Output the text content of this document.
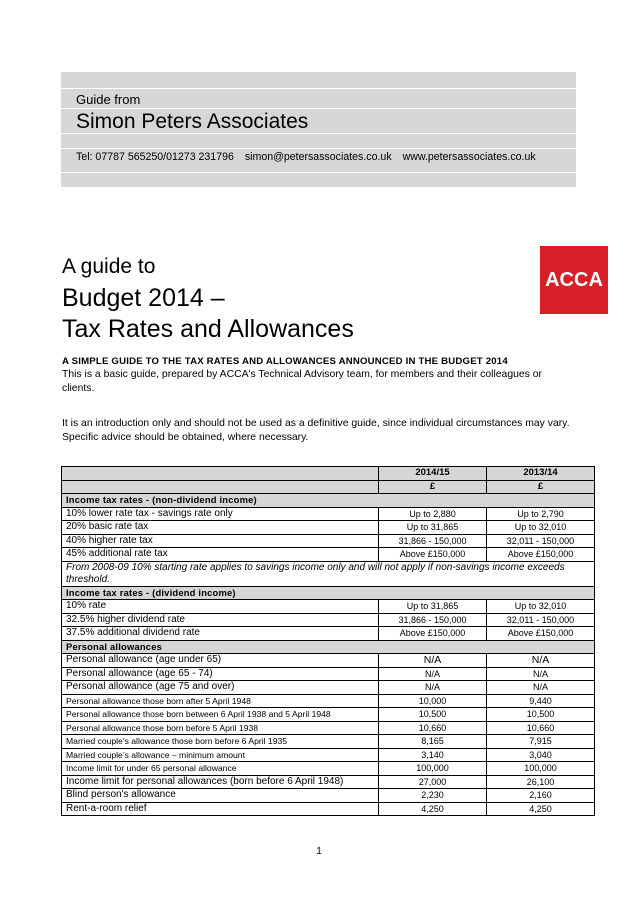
Guide from
Simon Peters Associates
Tel: 07787 565250/01273 231796 simon@petersassociates.co.uk www.petersassociates.co.uk
A guide to
Budget 2014 –
Tax Rates and Allowances
ACCA
A SIMPLE GUIDE TO THE TAX RATES AND ALLOWANCES ANNOUNCED IN THE BUDGET 2014
This is a basic guide, prepared by ACCA's Technical Advisory team, for members and their colleagues or clients.
It is an introduction only and should not be used as a definitive guide, since individual circumstances may vary. Specific advice should be obtained, where necessary.
	2014/15	2013/14
	£	£
Income tax rates - (non-dividend income)		
10% lower rate tax - savings rate only	Up to 2,880	Up to 2,790
20% basic rate tax	Up to 31,865	Up to 32,010
40% higher rate tax	31,866 - 150,000	32,011 - 150,000
45% additional rate tax	Above £150,000	Above £150,000
From 2008-09 10% starting rate applies to savings income only and will not apply if non-savings income exceeds threshold.		
Income tax rates - (dividend income)		
10% rate	Up to 31,865	Up to 32,010
32.5% higher dividend rate	31,866 - 150,000	32,011 - 150,000
37.5% additional dividend rate	Above £150,000	Above £150,000
Personal allowances		
Personal allowance (age under 65)	N/A	N/A
Personal allowance (age 65 - 74)	N/A	N/A
Personal allowance (age 75 and over)	N/A	N/A
Personal allowance those born after 5 April 1948	10,000	9,440
Personal allowance those born between 6 April 1938 and 5 April 1948	10,500	10,500
Personal allowance those born before 5 April 1938	10,660	10,660
Married couple’s allowance those born before 6 April 1935	8,165	7,915
Married couple’s allowance – minimum amount	3,140	3,040
Income limit for under 65 personal allowance	100,000	100,000
Income limit for personal allowances (born before 6 April 1948)	27,000	26,100
Blind person's allowance	2,230	2,160
Rent-a-room relief	4,250	4,250
1
